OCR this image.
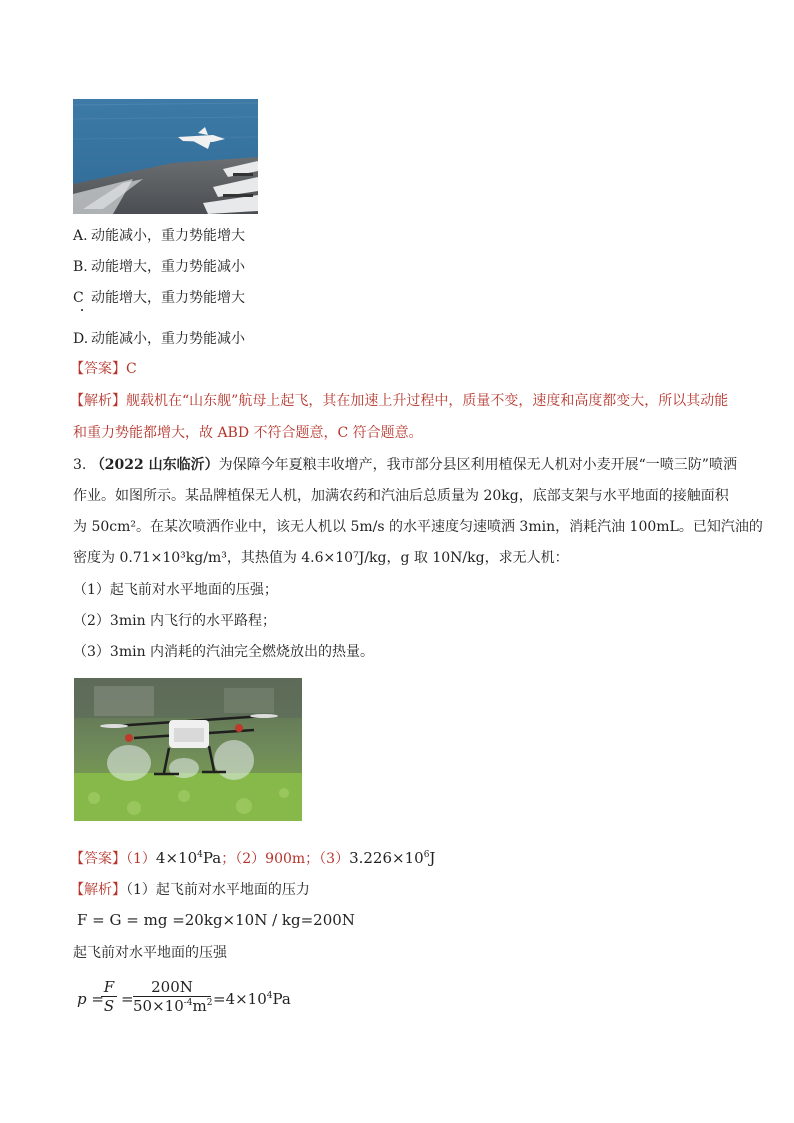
A. 动能减小，重力势能增大
B. 动能增大，重力势能减小
C 动能增大，重力势能增大
D. 动能减小，重力势能减小
【答案】C
【解析】舰载机在“山东舰”航母上起飞，其在加速上升过程中，质量不变，速度和高度都变大，所以其动能
和重力势能都增大，故 ABD 不符合题意，C 符合题意。
3. （2022 山东临沂）为保障今年夏粮丰收增产，我市部分县区利用植保无人机对小麦开展“一喷三防”喷洒
作业。如图所示。某品牌植保无人机，加满农药和汽油后总质量为 20kg，底部支架与水平地面的接触面积
为 50cm²。在某次喷洒作业中，该无人机以 5m/s 的水平速度匀速喷洒 3min，消耗汽油 100mL。已知汽油的
密度为 0.71×10³kg/m³，其热值为 4.6×10⁷J/kg，g 取 10N/kg，求无人机：
（1）起飞前对水平地面的压强；
（2）3min 内飞行的水平路程；
（3）3min 内消耗的汽油完全燃烧放出的热量。
【答案】$(1)4\times 10^4Pa$；（2）900m；$(3)3.226\times 10^6J$
【解析】（1）起飞前对水平地面的压力
F = G = mg =20kg×10N / kg=200N
起飞前对水平地面的压强
p =
F
S =
200N
$50\times 10^{-4}m^2 =4\times 10^4Pa$
